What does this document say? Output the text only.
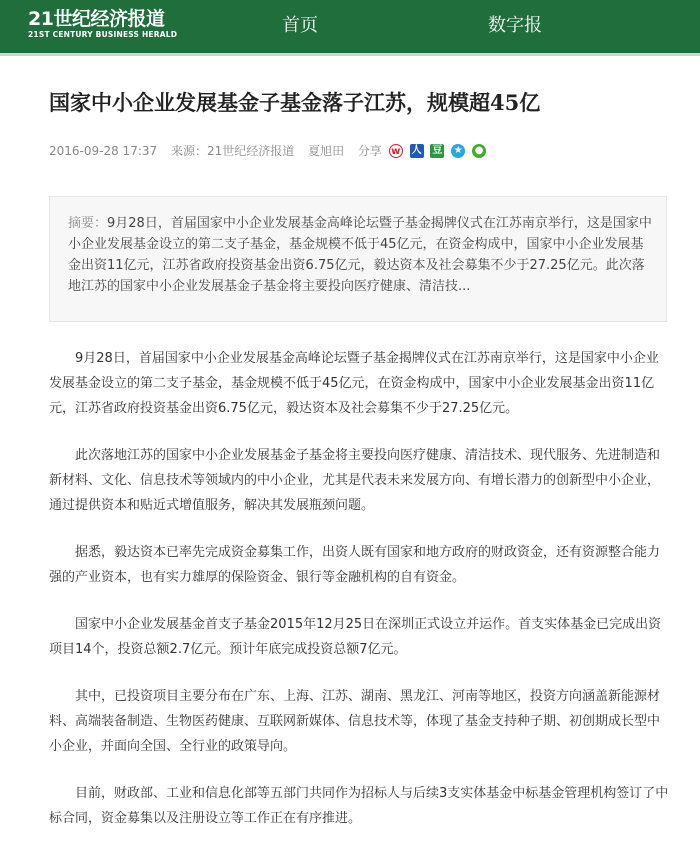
21世纪经济报道
21ST CENTURY BUSINESS HERALD	首页	数字报
国家中小企业发展基金子基金落子江苏，规模超45亿
2016-09-28 17:37 来源：21世纪经济报道 夏旭田 分享 w 人 豆 ★ ●
摘要：9月28日，首届国家中小企业发展基金高峰论坛暨子基金揭牌仪式在江苏南京举行，这是国家中小企业发展基金设立的第二支子基金，基金规模不低于45亿元，在资金构成中，国家中小企业发展基金出资11亿元，江苏省政府投资基金出资6.75亿元，毅达资本及社会募集不少于27.25亿元。此次落地江苏的国家中小企业发展基金子基金将主要投向医疗健康、清洁技...

9月28日，首届国家中小企业发展基金高峰论坛暨子基金揭牌仪式在江苏南京举行，这是国家中小企业发展基金设立的第二支子基金，基金规模不低于45亿元，在资金构成中，国家中小企业发展基金出资11亿元，江苏省政府投资基金出资6.75亿元，毅达资本及社会募集不少于27.25亿元。

此次落地江苏的国家中小企业发展基金子基金将主要投向医疗健康、清洁技术、现代服务、先进制造和新材料、文化、信息技术等领域内的中小企业，尤其是代表未来发展方向、有增长潜力的创新型中小企业，通过提供资本和贴近式增值服务，解决其发展瓶颈问题。

据悉，毅达资本已率先完成资金募集工作，出资人既有国家和地方政府的财政资金，还有资源整合能力强的产业资本，也有实力雄厚的保险资金、银行等金融机构的自有资金。

国家中小企业发展基金首支子基金2015年12月25日在深圳正式设立并运作。首支实体基金已完成出资项目14个，投资总额2.7亿元。预计年底完成投资总额7亿元。

其中，已投资项目主要分布在广东、上海、江苏、湖南、黑龙江、河南等地区，投资方向涵盖新能源材料、高端装备制造、生物医药健康、互联网新媒体、信息技术等，体现了基金支持种子期、初创期成长型中小企业，并面向全国、全行业的政策导向。

目前，财政部、工业和信息化部等五部门共同作为招标人与后续3支实体基金中标基金管理机构签订了中标合同，资金募集以及注册设立等工作正在有序推进。
